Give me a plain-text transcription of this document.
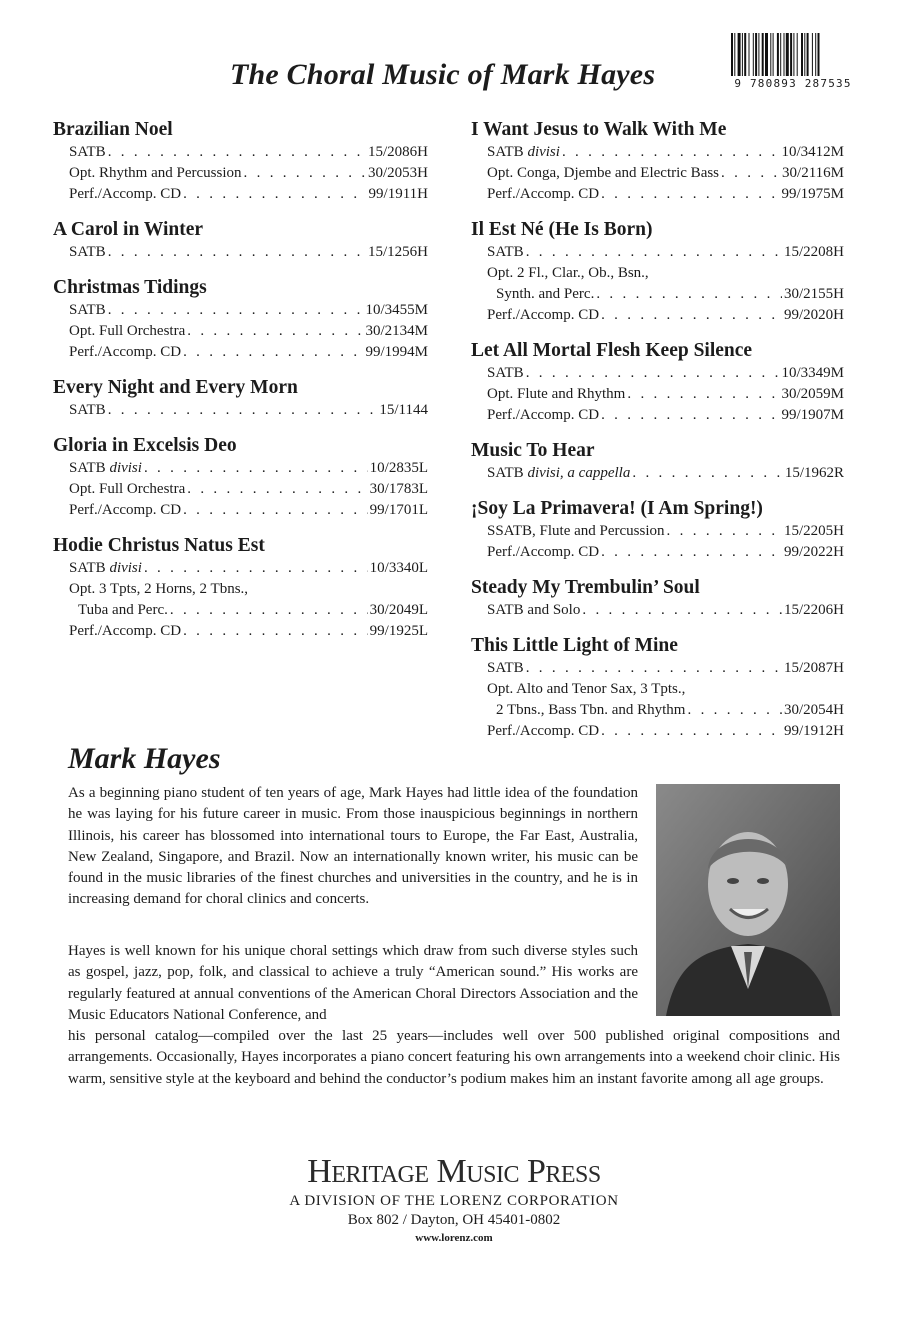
9 780893 287535
The Choral Music of Mark Hayes
Brazilian Noel
SATB . . .	15/2086H
Opt. Rhythm and Percussion . . .	30/2053H
Perf./Accomp. CD . . .	99/1911H
A Carol in Winter
SATB . . .	15/1256H
Christmas Tidings
SATB . . .	10/3455M
Opt. Full Orchestra . . .	30/2134M
Perf./Accomp. CD . . .	99/1994M
Every Night and Every Morn
SATB . . .	15/1144
Gloria in Excelsis Deo
SATB divisi . . .	10/2835L
Opt. Full Orchestra . . .	30/1783L
Perf./Accomp. CD . . .	99/1701L
Hodie Christus Natus Est
SATB divisi . . .	10/3340L
Opt. 3 Tpts, 2 Horns, 2 Tbns.,
Tuba and Perc. . . .	30/2049L
Perf./Accomp. CD . . .	99/1925L
I Want Jesus to Walk With Me
SATB divisi . . .	10/3412M
Opt. Conga, Djembe and Electric Bass . . .	30/2116M
Perf./Accomp. CD . . .	99/1975M
Il Est Né (He Is Born)
SATB . . .	15/2208H
Opt. 2 Fl., Clar., Ob., Bsn.,
Synth. and Perc. . . .	30/2155H
Perf./Accomp. CD . . .	99/2020H
Let All Mortal Flesh Keep Silence
SATB . . .	10/3349M
Opt. Flute and Rhythm . . .	30/2059M
Perf./Accomp. CD . . .	99/1907M
Music To Hear
SATB divisi, a cappella . . .	15/1962R
¡Soy La Primavera! (I Am Spring!)
SSATB, Flute and Percussion . . .	15/2205H
Perf./Accomp. CD . . .	99/2022H
Steady My Trembulin’ Soul
SATB and Solo . . .	15/2206H
This Little Light of Mine
SATB . . .	15/2087H
Opt. Alto and Tenor Sax, 3 Tpts.,
2 Tbns., Bass Tbn. and Rhythm . . .	30/2054H
Perf./Accomp. CD . . .	99/1912H
Mark Hayes

As a beginning piano student of ten years of age, Mark Hayes had little idea of the foundation he was laying for his future career in music. From those inauspicious beginnings in northern Illinois, his career has blossomed into international tours to Europe, the Far East, Australia, New Zealand, Singapore, and Brazil. Now an internationally known writer, his music can be found in the music libraries of the finest churches and universities in the country, and he is in increasing demand for choral clinics and concerts.

Hayes is well known for his unique choral settings which draw from such diverse styles such as gospel, jazz, pop, folk, and classical to achieve a truly “American sound.” His works are regularly featured at annual conventions of the American Choral Directors Association and the Music Educators National Conference, and

his personal catalog—compiled over the last 25 years—includes well over 500 published original compositions and arrangements. Occasionally, Hayes incorporates a piano concert featuring his own arrangements into a weekend choir clinic. His warm, sensitive style at the keyboard and behind the conductor’s podium makes him an instant favorite among all age groups.

Heritage Music Press
A DIVISION OF THE LORENZ CORPORATION
Box 802 / Dayton, OH 45401-0802
www.lorenz.com
